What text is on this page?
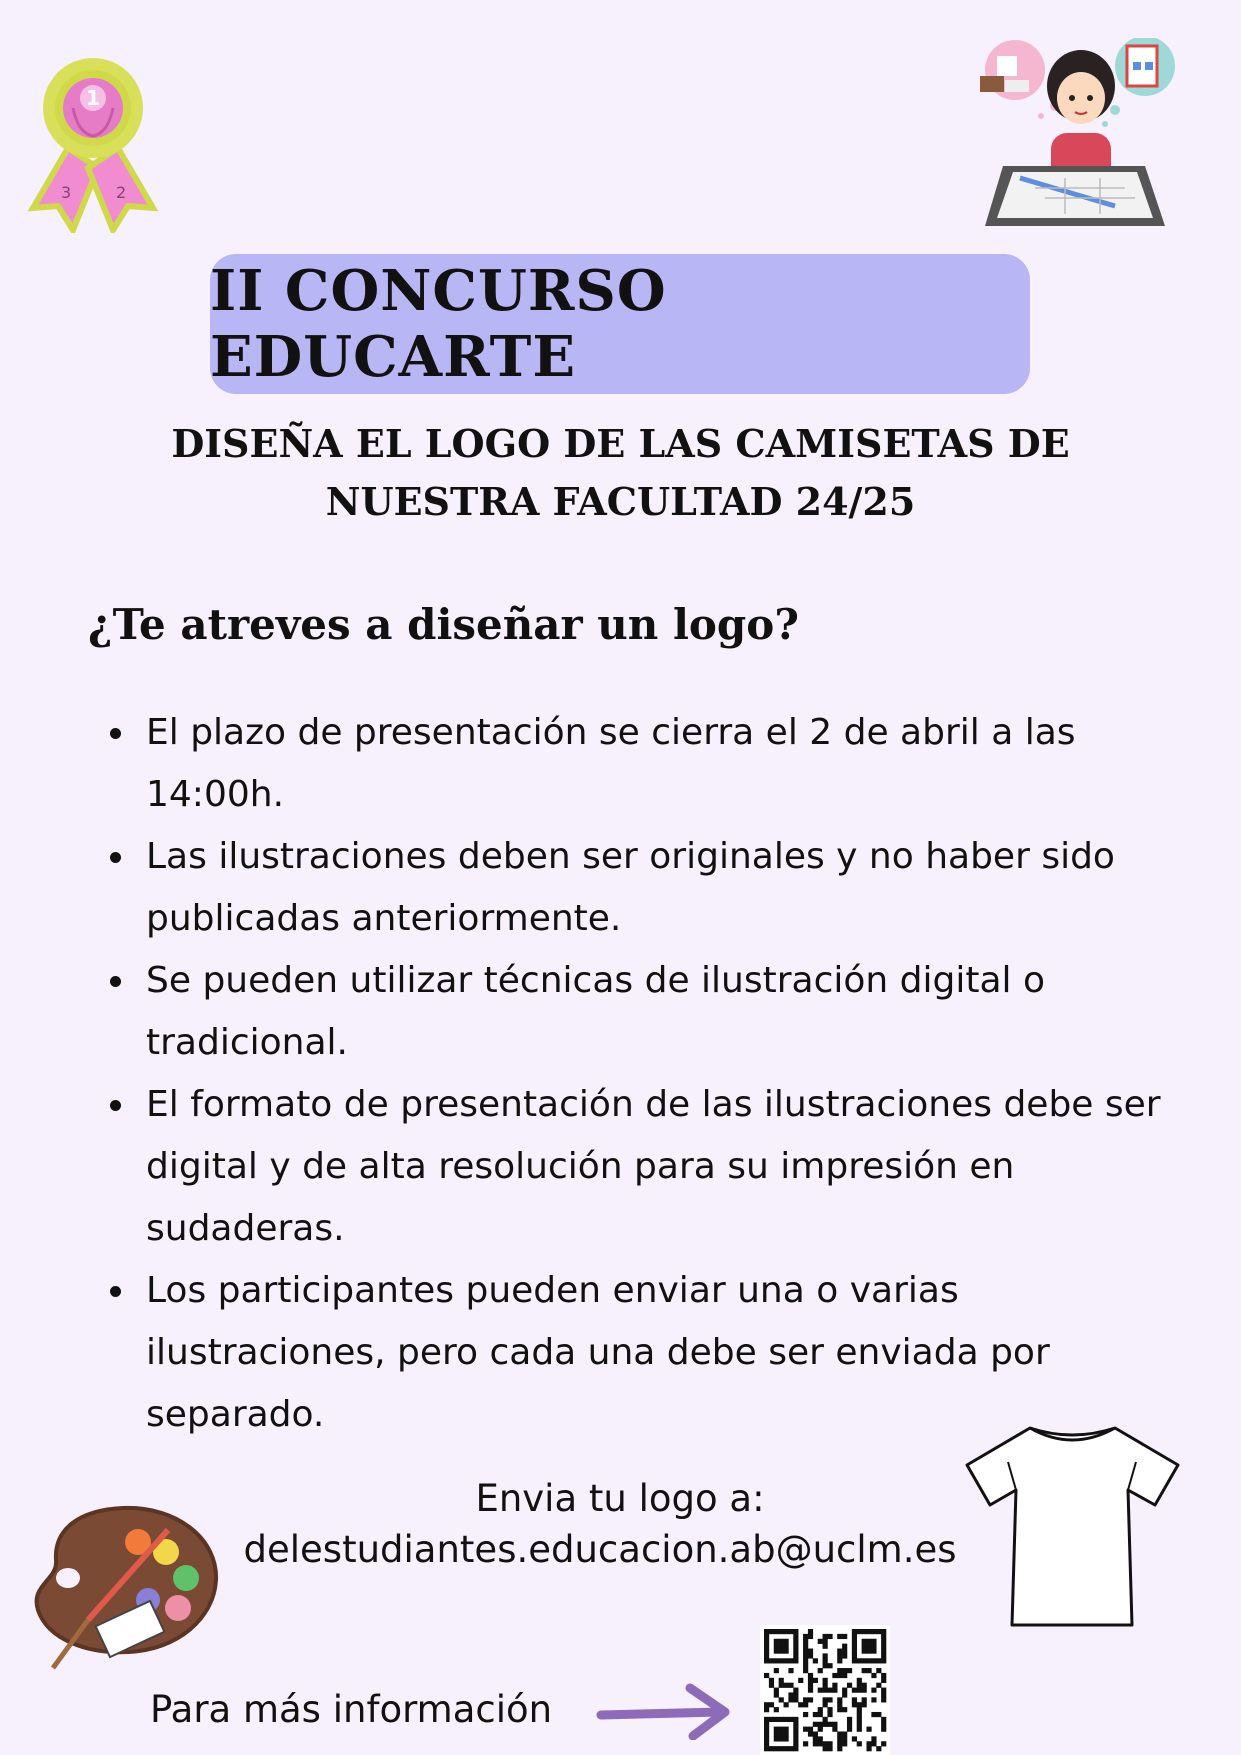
1
3	2
II CONCURSO EDUCARTE
DISEÑA EL LOGO DE LAS CAMISETAS DE
NUESTRA FACULTAD 24/25
¿Te atreves a diseñar un logo?
• El plazo de presentación se cierra el 2 de abril a las 14:00h.
• Las ilustraciones deben ser originales y no haber sido publicadas anteriormente.
• Se pueden utilizar técnicas de ilustración digital o tradicional.
• El formato de presentación de las ilustraciones debe ser digital y de alta resolución para su impresión en sudaderas.
• Los participantes pueden enviar una o varias ilustraciones, pero cada una debe ser enviada por separado.
Envia tu logo a:
delestudiantes.educacion.ab@uclm.es
Para más información
